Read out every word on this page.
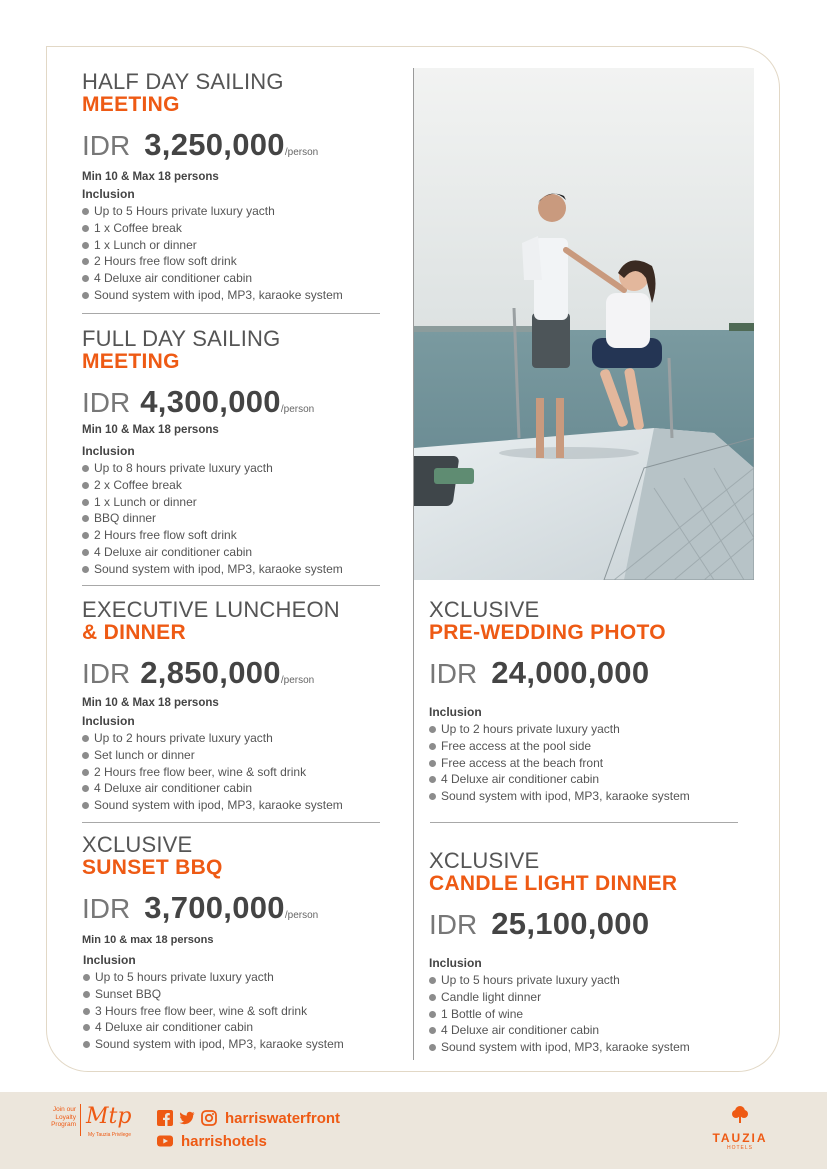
HALF DAY SAILING
MEETING
IDR 3,250,000/person
Min 10 & Max 18 persons
Inclusion
Up to 5 Hours private luxury yacth
1 x Coffee break
1 x Lunch or dinner
2 Hours free flow soft drink
4 Deluxe air conditioner cabin
Sound system with ipod, MP3, karaoke system
FULL DAY SAILING
MEETING
IDR 4,300,000/person
Min 10 & Max 18 persons
Inclusion
Up to 8 hours private luxury yacth
2 x Coffee break
1 x Lunch or dinner
BBQ dinner
2 Hours free flow soft drink
4 Deluxe air conditioner cabin
Sound system with ipod, MP3, karaoke system
EXECUTIVE LUNCHEON
& DINNER
IDR 2,850,000/person
Min 10 & Max 18 persons
Inclusion
Up to 2 hours private luxury yacth
Set lunch or dinner
2 Hours free flow beer, wine & soft drink
4 Deluxe air conditioner cabin
Sound system with ipod, MP3, karaoke system
XCLUSIVE
SUNSET BBQ
IDR 3,700,000/person
Min 10 & max 18 persons
Inclusion
Up to 5 hours private luxury yacth
Sunset BBQ
3 Hours free flow beer, wine & soft drink
4 Deluxe air conditioner cabin
Sound system with ipod, MP3, karaoke system
XCLUSIVE
PRE-WEDDING PHOTO
IDR 24,000,000
Inclusion
Up to 2 hours private luxury yacth
Free access at the pool side
Free access at the beach front
4 Deluxe air conditioner cabin
Sound system with ipod, MP3, karaoke system
XCLUSIVE
CANDLE LIGHT DINNER
IDR 25,100,000
Inclusion
Up to 5 hours private luxury yacth
Candle light dinner
1 Bottle of wine
4 Deluxe air conditioner cabin
Sound system with ipod, MP3, karaoke system
Join our Loyalty Program Mtp
My Tauzia Privilege
harriswaterfront
harrishotels	TAUZIA
HOTELS
